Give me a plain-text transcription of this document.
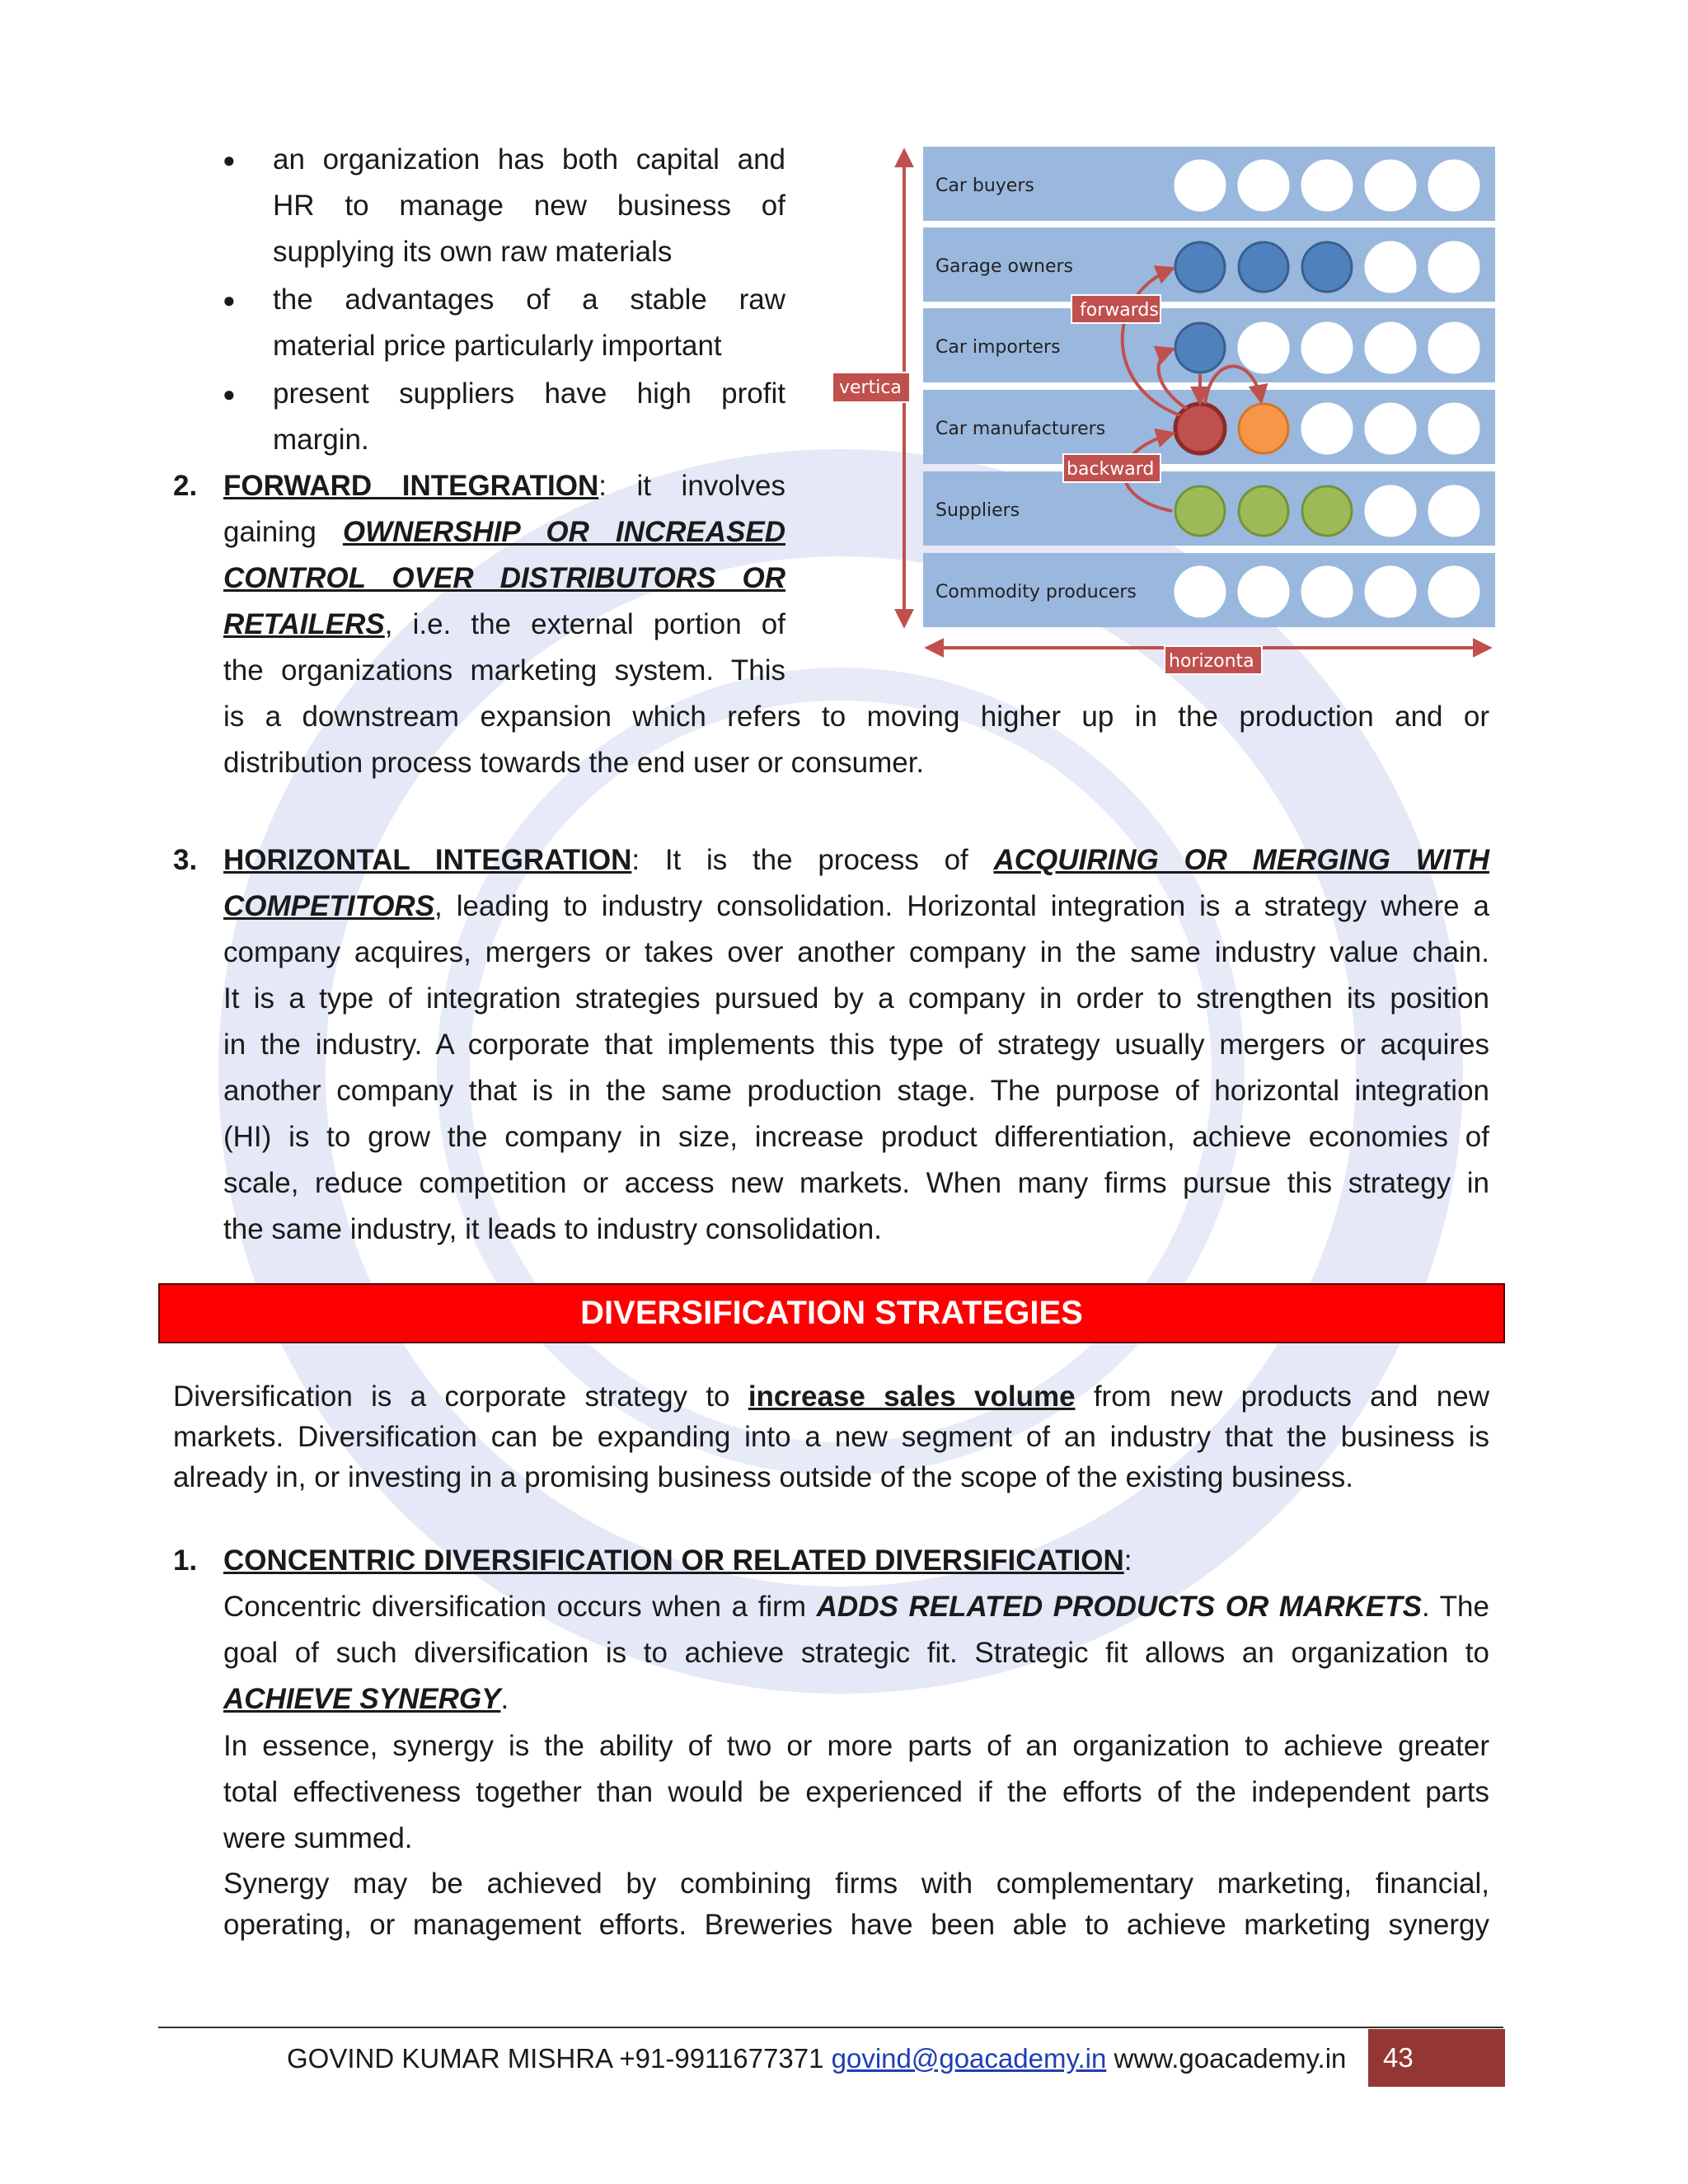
● an organization has both capital and
HR to manage new business of
supplying its own raw materials
● the advantages of a stable raw
material price particularly important
● present suppliers have high profit
margin.
2. FORWARD INTEGRATION: it involves
gaining OWNERSHIP OR INCREASED
CONTROL OVER DISTRIBUTORS OR
RETAILERS, i.e. the external portion of
the organizations marketing system. This
is a downstream expansion which refers to moving higher up in the production and or
distribution process towards the end user or consumer.
Car buyers
Garage owners
Car importers
Car manufacturers
Suppliers
Commodity producers
forwards
backward
vertica
horizonta
3. HORIZONTAL INTEGRATION: It is the process of ACQUIRING OR MERGING WITH
COMPETITORS, leading to industry consolidation. Horizontal integration is a strategy where a
company acquires, mergers or takes over another company in the same industry value chain.
It is a type of integration strategies pursued by a company in order to strengthen its position
in the industry. A corporate that implements this type of strategy usually mergers or acquires
another company that is in the same production stage. The purpose of horizontal integration
(HI) is to grow the company in size, increase product differentiation, achieve economies of
scale, reduce competition or access new markets. When many firms pursue this strategy in
the same industry, it leads to industry consolidation.
DIVERSIFICATION STRATEGIES
Diversification is a corporate strategy to increase sales volume from new products and new
markets. Diversification can be expanding into a new segment of an industry that the business is
already in, or investing in a promising business outside of the scope of the existing business.
1. CONCENTRIC DIVERSIFICATION OR RELATED DIVERSIFICATION:
Concentric diversification occurs when a firm ADDS RELATED PRODUCTS OR MARKETS. The
goal of such diversification is to achieve strategic fit. Strategic fit allows an organization to
ACHIEVE SYNERGY.
In essence, synergy is the ability of two or more parts of an organization to achieve greater
total effectiveness together than would be experienced if the efforts of the independent parts
were summed.
Synergy may be achieved by combining firms with complementary marketing, financial,
operating, or management efforts. Breweries have been able to achieve marketing synergy
GOVIND KUMAR MISHRA +91-9911677371 govind@goacademy.in www.goacademy.in 43
